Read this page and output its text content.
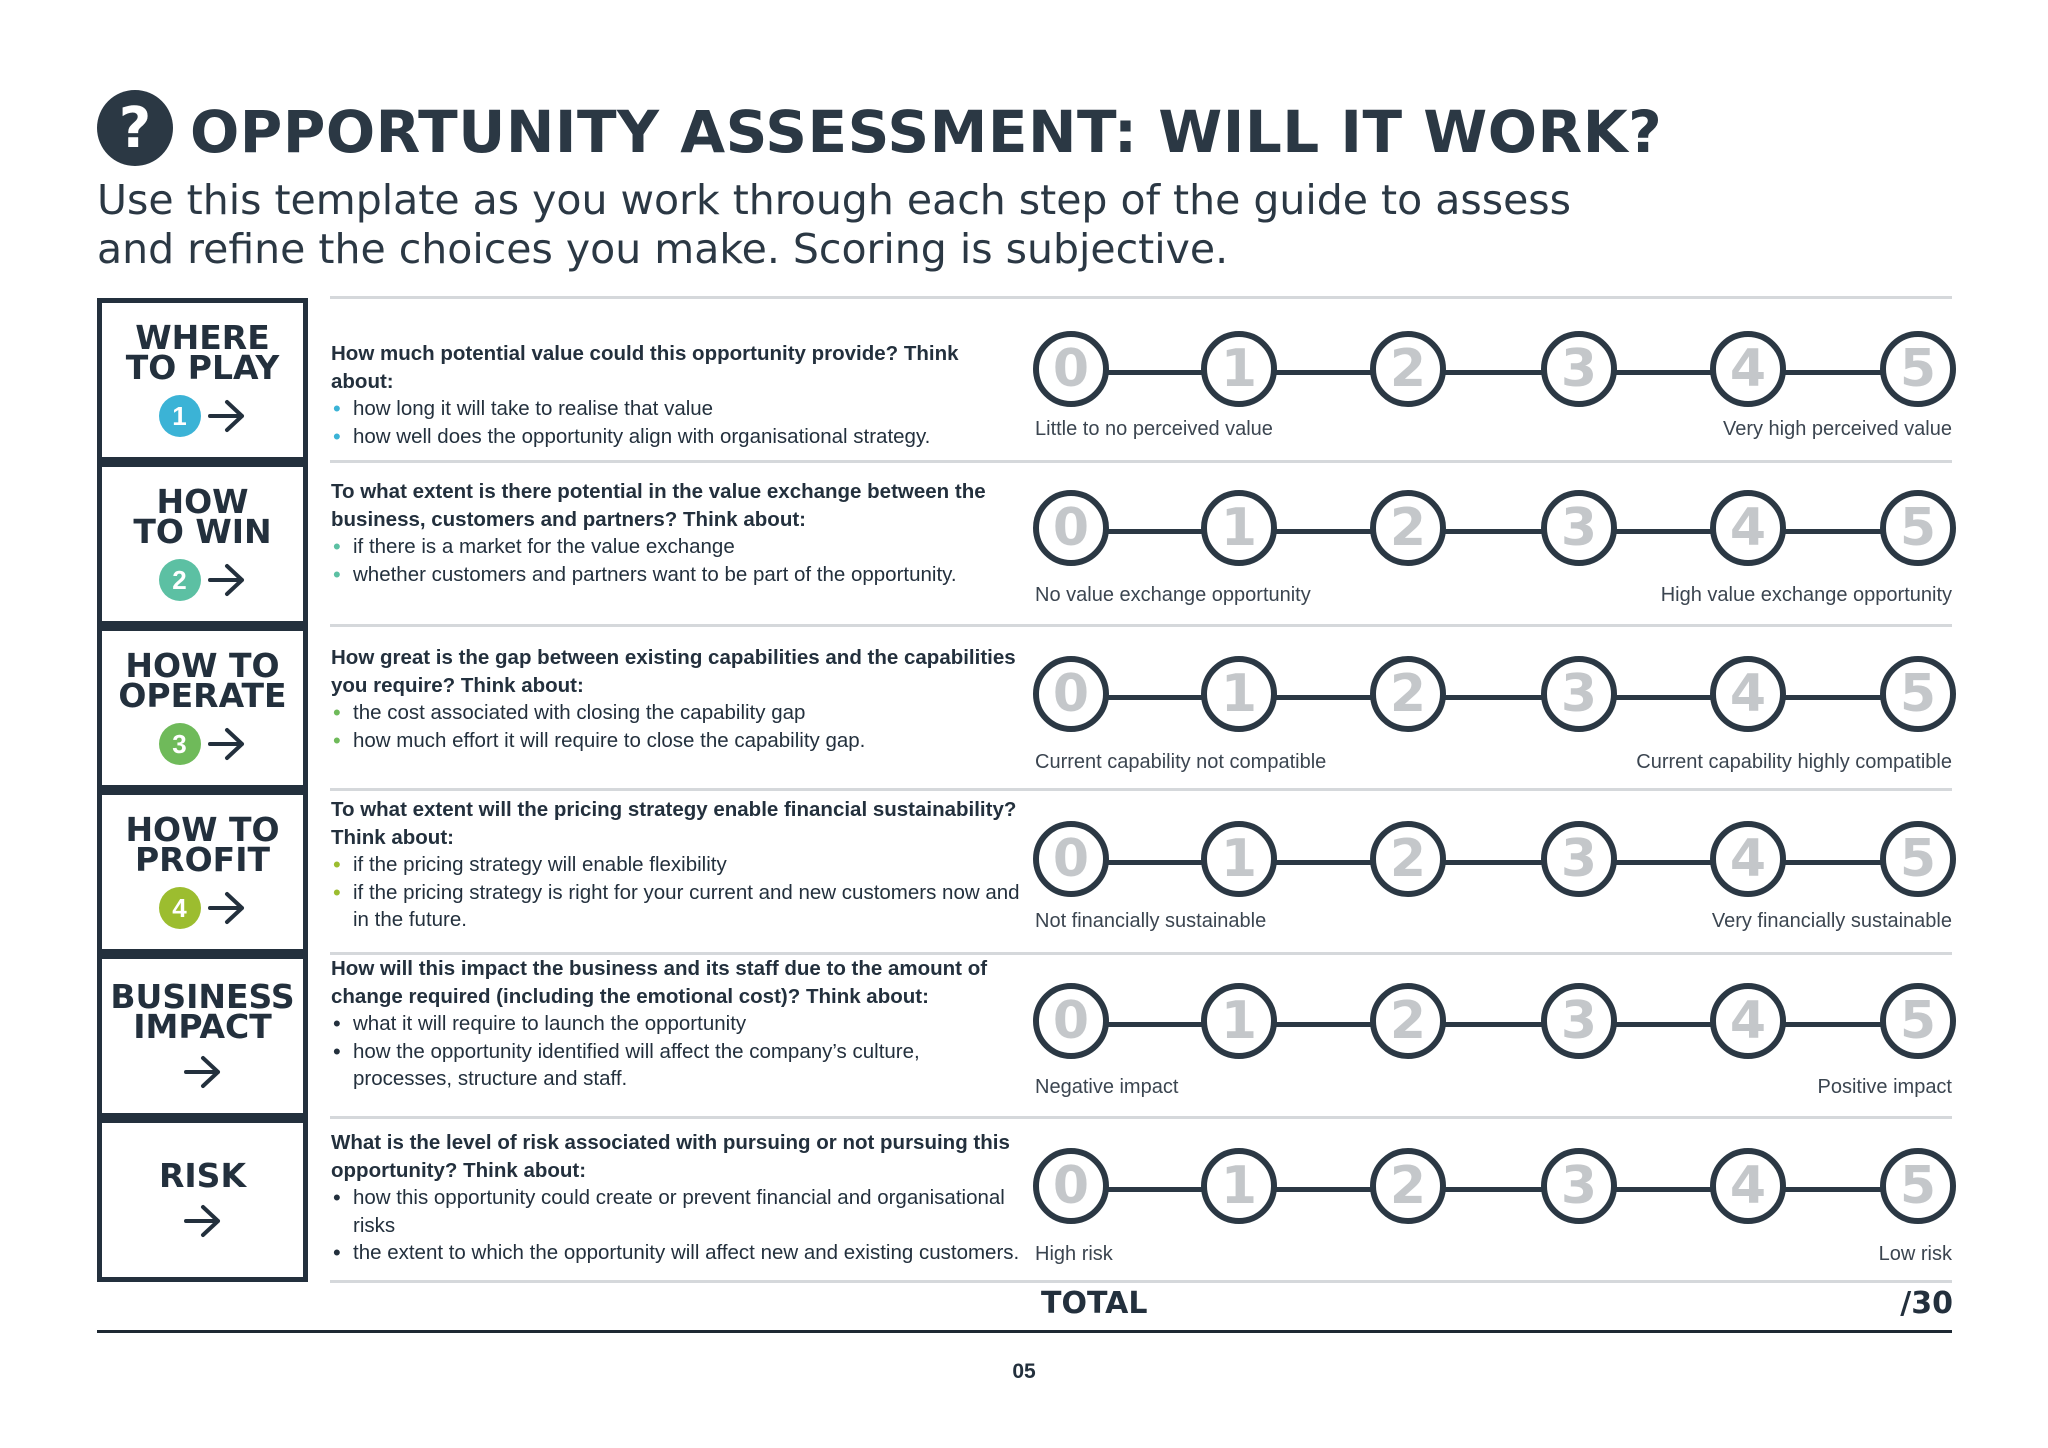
? OPPORTUNITY ASSESSMENT: WILL IT WORK?
Use this template as you work through each step of the guide to assess
and refine the choices you make. Scoring is subjective.
WHERE
TO PLAY
1
How much potential value could this opportunity provide? Think about:
• how long it will take to realise that value
• how well does the opportunity align with organisational strategy.
0	1	2	3	4	5
Little to no perceived value	Very high perceived value
HOW
TO WIN
2
To what extent is there potential in the value exchange between the business, customers and partners? Think about:
• if there is a market for the value exchange
• whether customers and partners want to be part of the opportunity.
0	1	2	3	4	5
No value exchange opportunity	High value exchange opportunity
HOW TO
OPERATE
3
How great is the gap between existing capabilities and the capabilities you require? Think about:
• the cost associated with closing the capability gap
• how much effort it will require to close the capability gap.
0	1	2	3	4	5
Current capability not compatible	Current capability highly compatible
HOW TO
PROFIT
4
To what extent will the pricing strategy enable financial sustainability? Think about:
• if the pricing strategy will enable flexibility
• if the pricing strategy is right for your current and new customers now and in the future.
0	1	2	3	4	5
Not financially sustainable	Very financially sustainable
BUSINESS
IMPACT
How will this impact the business and its staff due to the amount of change required (including the emotional cost)? Think about:
• what it will require to launch the opportunity
• how the opportunity identified will affect the company’s culture, processes, structure and staff.
0	1	2	3	4	5
Negative impact	Positive impact
RISK
What is the level of risk associated with pursuing or not pursuing this opportunity? Think about:
• how this opportunity could create or prevent financial and organisational risks
• the extent to which the opportunity will affect new and existing customers.
0	1	2	3	4	5
High risk	Low risk
TOTAL	/30
05
